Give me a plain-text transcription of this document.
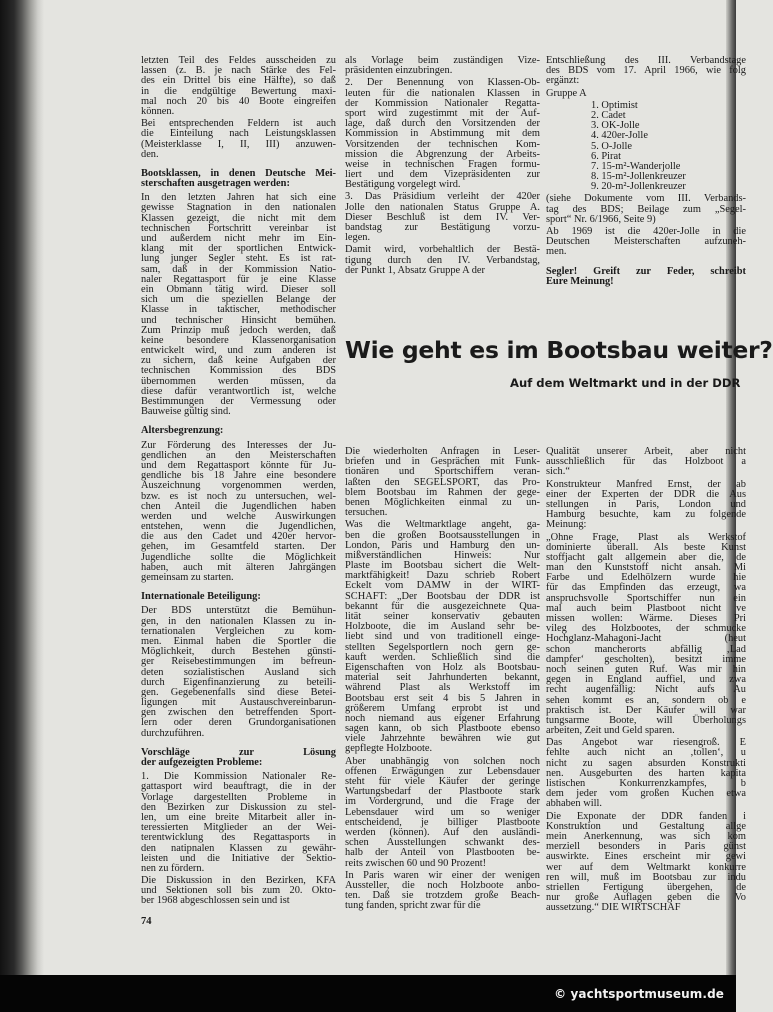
letzten Teil des Feldes ausscheiden zu
lassen (z. B. je nach Stärke des Fel-
des ein Drittel bis eine Hälfte), so daß
in die endgültige Bewertung maxi-
mal noch 20 bis 40 Boote eingreifen
können.
Bei entsprechenden Feldern ist auch
die Einteilung nach Leistungsklassen
(Meisterklasse I, II, III) anzuwen-
den.
Bootsklassen, in denen Deutsche Mei-
sterschaften ausgetragen werden:
In den letzten Jahren hat sich eine
gewisse Stagnation in den nationalen
Klassen gezeigt, die nicht mit dem
technischen Fortschritt vereinbar ist
und außerdem nicht mehr im Ein-
klang mit der sportlichen Entwick-
lung junger Segler steht. Es ist rat-
sam, daß in der Kommission Natio-
naler Regattasport für je eine Klasse
ein Obmann tätig wird. Dieser soll
sich um die speziellen Belange der
Klasse in taktischer, methodischer
und technischer Hinsicht bemühen.
Zum Prinzip muß jedoch werden, daß
keine besondere Klassenorganisation
entwickelt wird, und zum anderen ist
zu sichern, daß keine Aufgaben der
technischen Kommission des BDS
übernommen werden müssen, da
diese dafür verantwortlich ist, welche
Bestimmungen der Vermessung oder
Bauweise gültig sind.
Altersbegrenzung:
Zur Förderung des Interesses der Ju-
gendlichen an den Meisterschaften
und dem Regattasport könnte für Ju-
gendliche bis 18 Jahre eine besondere
Auszeichnung vorgenommen werden,
bzw. es ist noch zu untersuchen, wel-
chen Anteil die Jugendlichen haben
werden und welche Auswirkungen
entstehen, wenn die Jugendlichen,
die aus den Cadet und 420er hervor-
gehen, im Gesamtfeld starten. Der
Jugendliche sollte die Möglichkeit
haben, auch mit älteren Jahrgängen
gemeinsam zu starten.
Internationale Beteiligung:
Der BDS unterstützt die Bemühun-
gen, in den nationalen Klassen zu in-
ternationalen Vergleichen zu kom-
men. Einmal haben die Sportler die
Möglichkeit, durch Bestehen günsti-
ger Reisebestimmungen im befreun-
deten sozialistischen Ausland sich
durch Eigenfinanzierung zu beteili-
gen. Gegebenenfalls sind diese Betei-
ligungen mit Austauschvereinbarun-
gen zwischen den betreffenden Sport-
lern oder deren Grundorganisationen
durchzuführen.
Vorschläge zur Lösung
der aufgezeigten Probleme:
1. Die Kommission Nationaler Re-
gattasport wird beauftragt, die in der
Vorlage dargestellten Probleme in
den Bezirken zur Diskussion zu stel-
len, um eine breite Mitarbeit aller in-
teressierten Mitglieder an der Wei-
terentwicklung des Regattasports in
den natipnalen Klassen zu gewähr-
leisten und die Initiative der Sektio-
nen zu fördern.
Die Diskussion in den Bezirken, KFA
und Sektionen soll bis zum 20. Okto-
ber 1968 abgeschlossen sein und ist
als Vorlage beim zuständigen Vize-
präsidenten einzubringen.
2. Der Benennung von Klassen-Ob-
leuten für die nationalen Klassen in
der Kommission Nationaler Regatta-
sport wird zugestimmt mit der Auf-
lage, daß durch den Vorsitzenden der
Kommission in Abstimmung mit dem
Vorsitzenden der technischen Kom-
mission die Abgrenzung der Arbeits-
weise in technischen Fragen formu-
liert und dem Vizepräsidenten zur
Bestätigung vorgelegt wird.
3. Das Präsidium verleiht der 420er
Jolle den nationalen Status Gruppe A.
Dieser Beschluß ist dem IV. Ver-
bandstag zur Bestätigung vorzu-
legen.
Damit wird, vorbehaltlich der Bestä-
tigung durch den IV. Verbandstag,
der Punkt 1, Absatz Gruppe A der
Entschließung des III. Verbandstage
des BDS vom 17. April 1966, wie folg
ergänzt:
Gruppe A
1. Optimist
2. Cadet
3. OK-Jolle
4. 420er-Jolle
5. O-Jolle
6. Pirat
7. 15-m²-Wanderjolle
8. 15-m²-Jollenkreuzer
9. 20-m²-Jollenkreuzer
(siehe Dokumente vom III. Verbands-
tag des BDS; Beilage zum „Segel-
sport“ Nr. 6/1966, Seite 9)
Ab 1969 ist die 420er-Jolle in die
Deutschen Meisterschaften aufzuneh-
men.
Segler! Greift zur Feder, schreibt
Eure Meinung!
Wie geht es im Bootsbau weiter?
Auf dem Weltmarkt und in der DDR
Die wiederholten Anfragen in Leser-
briefen und in Gesprächen mit Funk-
tionären und Sportschiffern veran-
laßten den SEGELSPORT, das Pro-
blem Bootsbau im Rahmen der gege-
benen Möglichkeiten einmal zu un-
tersuchen.
Was die Weltmarktlage angeht, ga-
ben die großen Bootsausstellungen in
London, Paris und Hamburg den un-
mißverständlichen Hinweis: Nur
Plaste im Bootsbau sichert die Welt-
marktfähigkeit! Dazu schrieb Robert
Eckelt vom DAMW in der WIRT-
SCHAFT: „Der Bootsbau der DDR ist
bekannt für die ausgezeichnete Qua-
lität seiner konservativ gebauten
Holzboote, die im Ausland sehr be-
liebt sind und von traditionell einge-
stellten Segelsportlern noch gern ge-
kauft werden. Schließlich sind die
Eigenschaften von Holz als Bootsbau-
material seit Jahrhunderten bekannt,
während Plast als Werkstoff im
Bootsbau erst seit 4 bis 5 Jahren in
größerem Umfang erprobt ist und
noch niemand aus eigener Erfahrung
sagen kann, ob sich Plastboote ebenso
viele Jahrzehnte bewähren wie gut
gepflegte Holzboote.
Aber unabhängig von solchen noch
offenen Erwägungen zur Lebensdauer
steht für viele Käufer der geringe
Wartungsbedarf der Plastboote stark
im Vordergrund, und die Frage der
Lebensdauer wird um so weniger
entscheidend, je billiger Plastboote
werden (können). Auf den ausländi-
schen Ausstellungen schwankt des-
halb der Anteil von Plastbooten be-
reits zwischen 60 und 90 Prozent!
In Paris waren wir einer der wenigen
Aussteller, die noch Holzboote anbo-
ten. Daß sie trotzdem große Beach-
tung fanden, spricht zwar für die
Qualität unserer Arbeit, aber nicht
ausschließlich für das Holzboot a
sich.“
Konstrukteur Manfred Ernst, der ab
einer der Experten der DDR die Aus
stellungen in Paris, London und
Hamburg besuchte, kam zu folgende
Meinung:
„Ohne Frage, Plast als Werkstof
dominierte überall. Als beste Kunst
stoffjacht galt allgemein aber die, de
man den Kunststoff nicht ansah. Mi
Farbe und Edelhölzern wurde hie
für das Empfinden das erzeugt, wa
anspruchsvolle Sportschiffer nun ein
mal auch beim Plastboot nicht ve
missen wollen: Wärme. Dieses Pri
vileg des Holzbootes, der schmucke
Hochglanz-Mahagoni-Jacht (heut
schon mancherorts abfällig ‚Lad
dampfer‘ gescholten), besitzt imme
noch seinen guten Ruf. Was mir hin
gegen in England auffiel, und zwa
recht augenfällig: Nicht aufs Au
sehen kommt es an, sondern ob e
praktisch ist. Der Käufer will war
tungsarme Boote, will Überholungs
arbeiten, Zeit und Geld sparen.
Das Angebot war riesengroß. E
fehlte auch nicht an ‚tollen‘, u
nicht zu sagen absurden Konstrukti
nen. Ausgeburten des harten kapita
listischen Konkurrenzkampfes, b
dem jeder vom großen Kuchen etwa
abhaben will.
Die Exponate der DDR fanden i
Konstruktion und Gestaltung allge
mein Anerkennung, was sich kom
merziell besonders in Paris günst
auswirkte. Eines erscheint mir gewi
wer auf dem Weltmarkt konkurre
ren will, muß im Bootsbau zur indu
striellen Fertigung übergehen, de
nur große Auflagen geben die Vo
aussetzung.“ DIE WIRTSCHAF
74
© yachtsportmuseum.de
